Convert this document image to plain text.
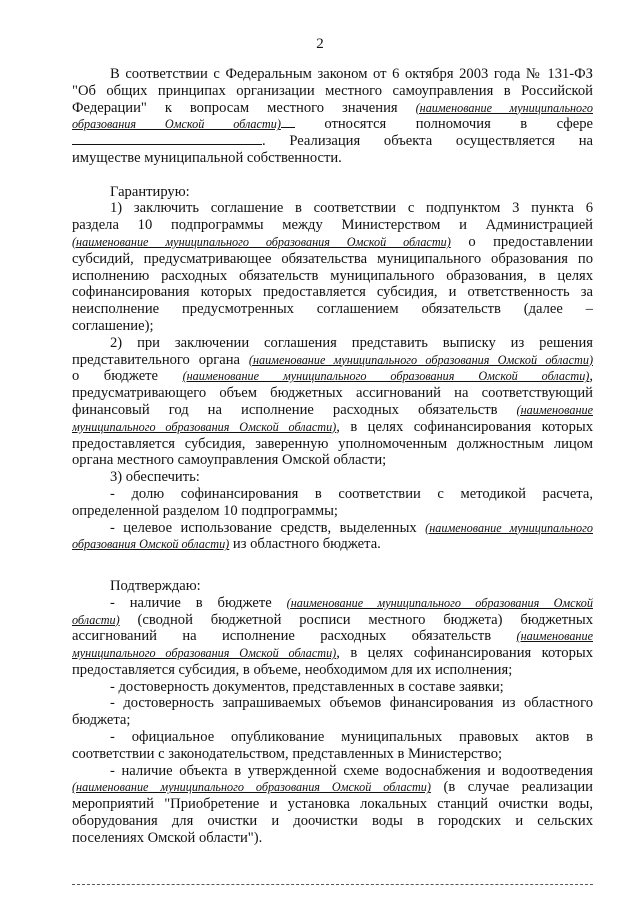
2
В соответствии с Федеральным законом от 6 октября 2003 года № 131-ФЗ
"Об общих принципах организации местного самоуправления в Российской
Федерации" к вопросам местного значения (наименование муниципального
образования Омской области)	относятся полномочия в сфере
. Реализация объекта осуществляется на
имуществе муниципальной собственности.
Гарантирую:
1) заключить соглашение в соответствии с подпунктом 3 пункта 6
раздела 10 подпрограммы между Министерством и Администрацией
(наименование муниципального образования Омской области) о предоставлении
субсидий, предусматривающее обязательства муниципального образования по
исполнению расходных обязательств муниципального образования, в целях
софинансирования которых предоставляется субсидия, и ответственность за
неисполнение предусмотренных соглашением обязательств (далее –
соглашение);
2) при заключении соглашения представить выписку из решения
представительного органа (наименование муниципального образования Омской области)
о бюджете (наименование муниципального образования Омской области),
предусматривающего объем бюджетных ассигнований на соответствующий
финансовый год на исполнение расходных обязательств (наименование
муниципального образования Омской области), в целях софинансирования которых
предоставляется субсидия, заверенную уполномоченным должностным лицом
органа местного самоуправления Омской области;
3) обеспечить:
- долю софинансирования в соответствии с методикой расчета,
определенной разделом 10 подпрограммы;
- целевое использование средств, выделенных (наименование муниципального
образования Омской области) из областного бюджета.
Подтверждаю:
- наличие в бюджете (наименование муниципального образования Омской
области) (сводной бюджетной росписи местного бюджета) бюджетных
ассигнований на исполнение расходных обязательств (наименование
муниципального образования Омской области), в целях софинансирования которых
предоставляется субсидия, в объеме, необходимом для их исполнения;
- достоверность документов, представленных в составе заявки;
- достоверность запрашиваемых объемов финансирования из областного
бюджета;
- официальное опубликование муниципальных правовых актов в
соответствии с законодательством, представленных в Министерство;
- наличие объекта в утвержденной схеме водоснабжения и водоотведения
(наименование муниципального образования Омской области) (в случае реализации
мероприятий "Приобретение и установка локальных станций очистки воды,
оборудования для очистки и доочистки воды в городских и сельских
поселениях Омской области").
